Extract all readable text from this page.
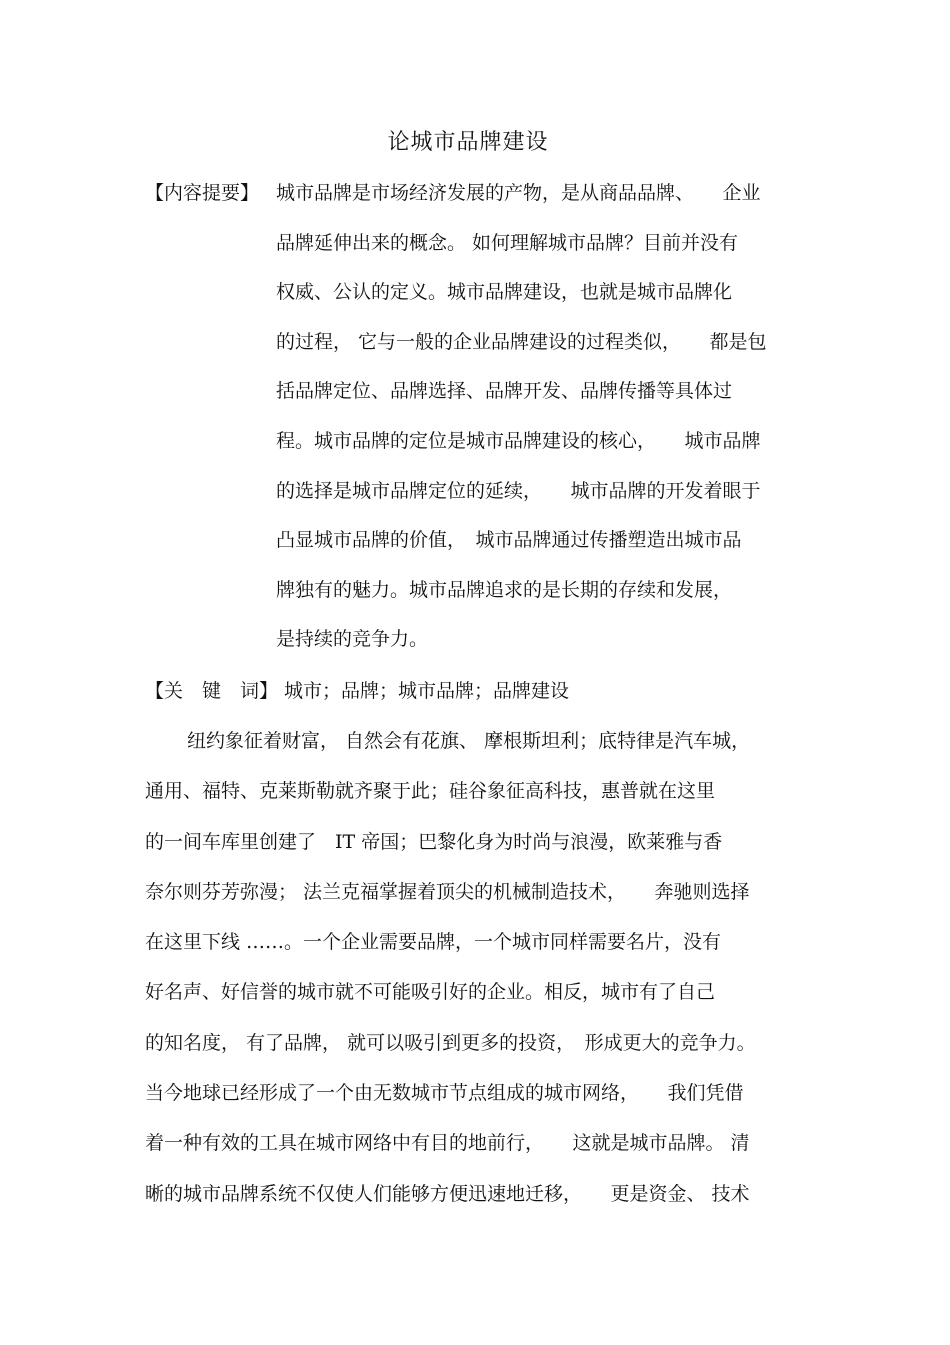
论城市品牌建设
【内容提要】 城市品牌是市场经济发展的产物，是从商品品牌、　　企业
品牌延伸出来的概念。 如何理解城市品牌？目前并没有
权威、公认的定义。城市品牌建设，也就是城市品牌化
的过程， 它与一般的企业品牌建设的过程类似，　　都是包
括品牌定位、品牌选择、品牌开发、品牌传播等具体过
程。城市品牌的定位是城市品牌建设的核心，　　城市品牌
的选择是城市品牌定位的延续，　　城市品牌的开发着眼于
凸显城市品牌的价值，　城市品牌通过传播塑造出城市品
牌独有的魅力。城市品牌追求的是长期的存续和发展，
是持续的竞争力。
【关　键　词】 城市；品牌；城市品牌；品牌建设
纽约象征着财富， 自然会有花旗、 摩根斯坦利；底特律是汽车城，
通用、福特、克莱斯勒就齐聚于此；硅谷象征高科技，惠普就在这里
的一间车库里创建了　IT 帝国；巴黎化身为时尚与浪漫，欧莱雅与香
奈尔则芬芳弥漫； 法兰克福掌握着顶尖的机械制造技术，　　奔驰则选择
在这里下线 ……。一个企业需要品牌，一个城市同样需要名片，没有
好名声、好信誉的城市就不可能吸引好的企业。相反，城市有了自己
的知名度， 有了品牌， 就可以吸引到更多的投资，　形成更大的竞争力。
当今地球已经形成了一个由无数城市节点组成的城市网络，　　我们凭借
着一种有效的工具在城市网络中有目的地前行，　　这就是城市品牌。 清
晰的城市品牌系统不仅使人们能够方便迅速地迁移，　　更是资金、 技术
